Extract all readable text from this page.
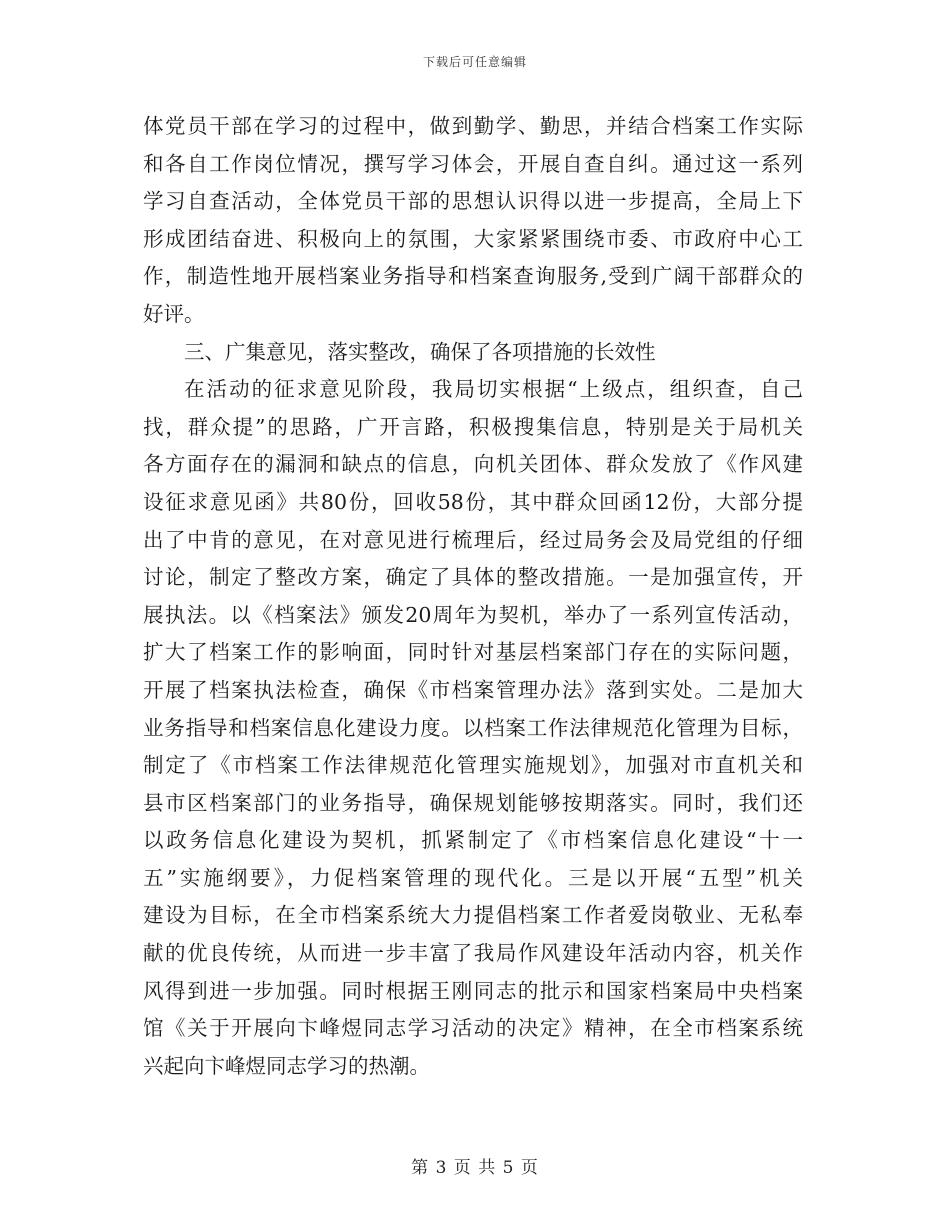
下载后可任意编辑
体党员干部在学习的过程中，做到勤学、勤思，并结合档案工作实际
和各自工作岗位情况，撰写学习体会，开展自查自纠。通过这一系列
学习自查活动，全体党员干部的思想认识得以进一步提高，全局上下
形成团结奋进、积极向上的氛围，大家紧紧围绕市委、市政府中心工
作，制造性地开展档案业务指导和档案查询服务,受到广阔干部群众的
好评。
三、广集意见，落实整改，确保了各项措施的长效性
在活动的征求意见阶段，我局切实根据“上级点，组织查，自己
找，群众提”的思路，广开言路，积极搜集信息，特别是关于局机关
各方面存在的漏洞和缺点的信息，向机关团体、群众发放了《作风建
设征求意见函》共80份，回收58份，其中群众回函12份，大部分提
出了中肯的意见，在对意见进行梳理后，经过局务会及局党组的仔细
讨论，制定了整改方案，确定了具体的整改措施。一是加强宣传，开
展执法。以《档案法》颁发20周年为契机，举办了一系列宣传活动，
扩大了档案工作的影响面，同时针对基层档案部门存在的实际问题，
开展了档案执法检查，确保《市档案管理办法》落到实处。二是加大
业务指导和档案信息化建设力度。以档案工作法律规范化管理为目标，
制定了《市档案工作法律规范化管理实施规划》，加强对市直机关和
县市区档案部门的业务指导，确保规划能够按期落实。同时，我们还
以政务信息化建设为契机，抓紧制定了《市档案信息化建设“十一
五”实施纲要》，力促档案管理的现代化。三是以开展“五型”机关
建设为目标，在全市档案系统大力提倡档案工作者爱岗敬业、无私奉
献的优良传统，从而进一步丰富了我局作风建设年活动内容，机关作
风得到进一步加强。同时根据王刚同志的批示和国家档案局中央档案
馆《关于开展向卞峰煜同志学习活动的决定》精神，在全市档案系统
兴起向卞峰煜同志学习的热潮。
第 3 页 共 5 页
